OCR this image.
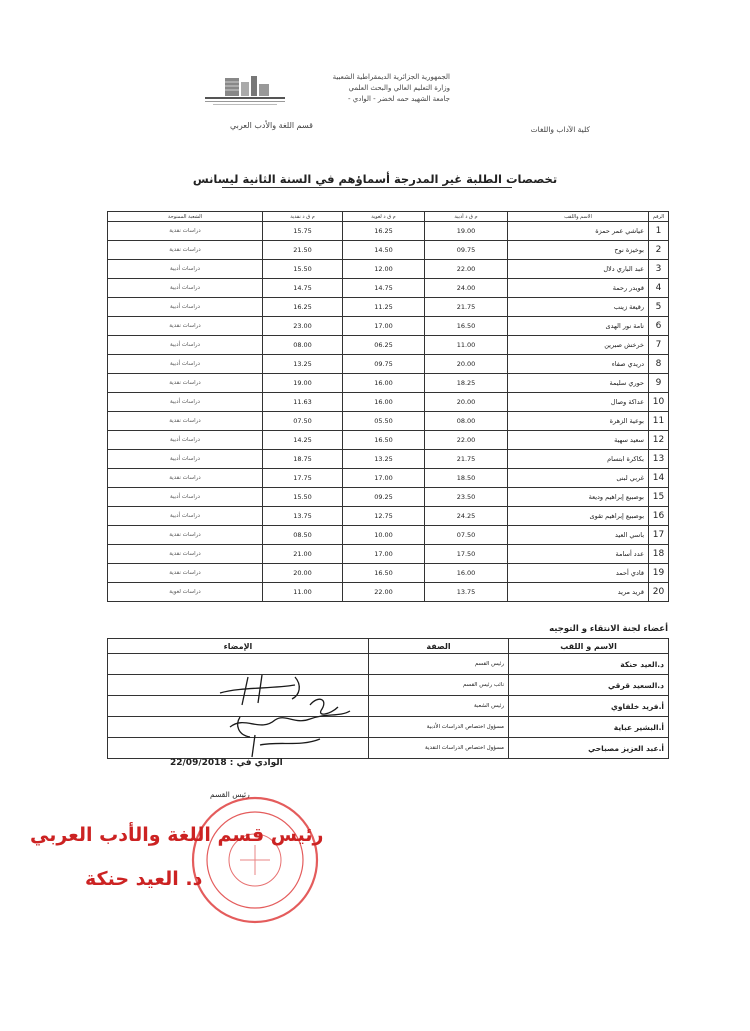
الجمهورية الجزائرية الديمقراطية الشعبية
وزارة التعليم العالي والبحث العلمي
جامعة الشهيد حمه لخضر - الوادي -
كلية الآداب واللغات
قسم اللغة والأدب العربي
تخصصات الطلبة غير المدرجة أسماؤهم في السنة الثانية ليسانس
الرقم	الاسم واللقب	م ق د أدبية	م ق د لغوية	م ق د نقدية	الشعبة الممنوحة
1	عياشي عمر حمزة	19.00	16.25	15.75	دراسات نقدية
2	بوخيزة نوح	09.75	14.50	21.50	دراسات نقدية
3	عبد الباري دلال	22.00	12.00	15.50	دراسات أدبية
4	قويدر رحمة	24.00	14.75	14.75	دراسات أدبية
5	رقيعة زينب	21.75	11.25	16.25	دراسات أدبية
6	نامة نور الهدى	16.50	17.00	23.00	دراسات نقدية
7	خرخش صبرين	11.00	06.25	08.00	دراسات أدبية
8	دريدي صفاء	20.00	09.75	13.25	دراسات أدبية
9	حوري سليمة	18.25	16.00	19.00	دراسات نقدية
10	عداكة وصال	20.00	16.00	11.63	دراسات أدبية
11	بوعية الزهرة	08.00	05.50	07.50	دراسات نقدية
12	سعيد سهية	22.00	16.50	14.25	دراسات أدبية
13	بكاكرة ابتسام	21.75	13.25	18.75	دراسات أدبية
14	غربي لبنى	18.50	17.00	17.75	دراسات نقدية
15	بوصبيع إبراهيم وديعة	23.50	09.25	15.50	دراسات أدبية
16	بوصبيع إبراهيم تقوى	24.25	12.75	13.75	دراسات أدبية
17	باسي العيد	07.50	10.00	08.50	دراسات نقدية
18	عدد أسامة	17.50	17.00	21.00	دراسات نقدية
19	قادي أحمد	16.00	16.50	20.00	دراسات نقدية
20	قريد مريد	13.75	22.00	11.00	دراسات لغوية
أعضاء لجنة الانتقاء و التوجيه
الاسم و اللقب	الصفة	الإمضاء
د.العيد حنكة	رئيس القسم	
د.السعيد قرقي	نائب رئيس القسم	
أ.فريد خلفاوي	رئيس الشعبة	
أ.البشير عباية	مسؤول اختصاص الدراسات الأدبية	
أ.عبد العزيز مصباحي	مسؤول اختصاص الدراسات النقدية	
الوادي في : 22/09/2018
رئيس القسم
رئيس قسم اللغة والأدب العربي
د. العيد حنكة
